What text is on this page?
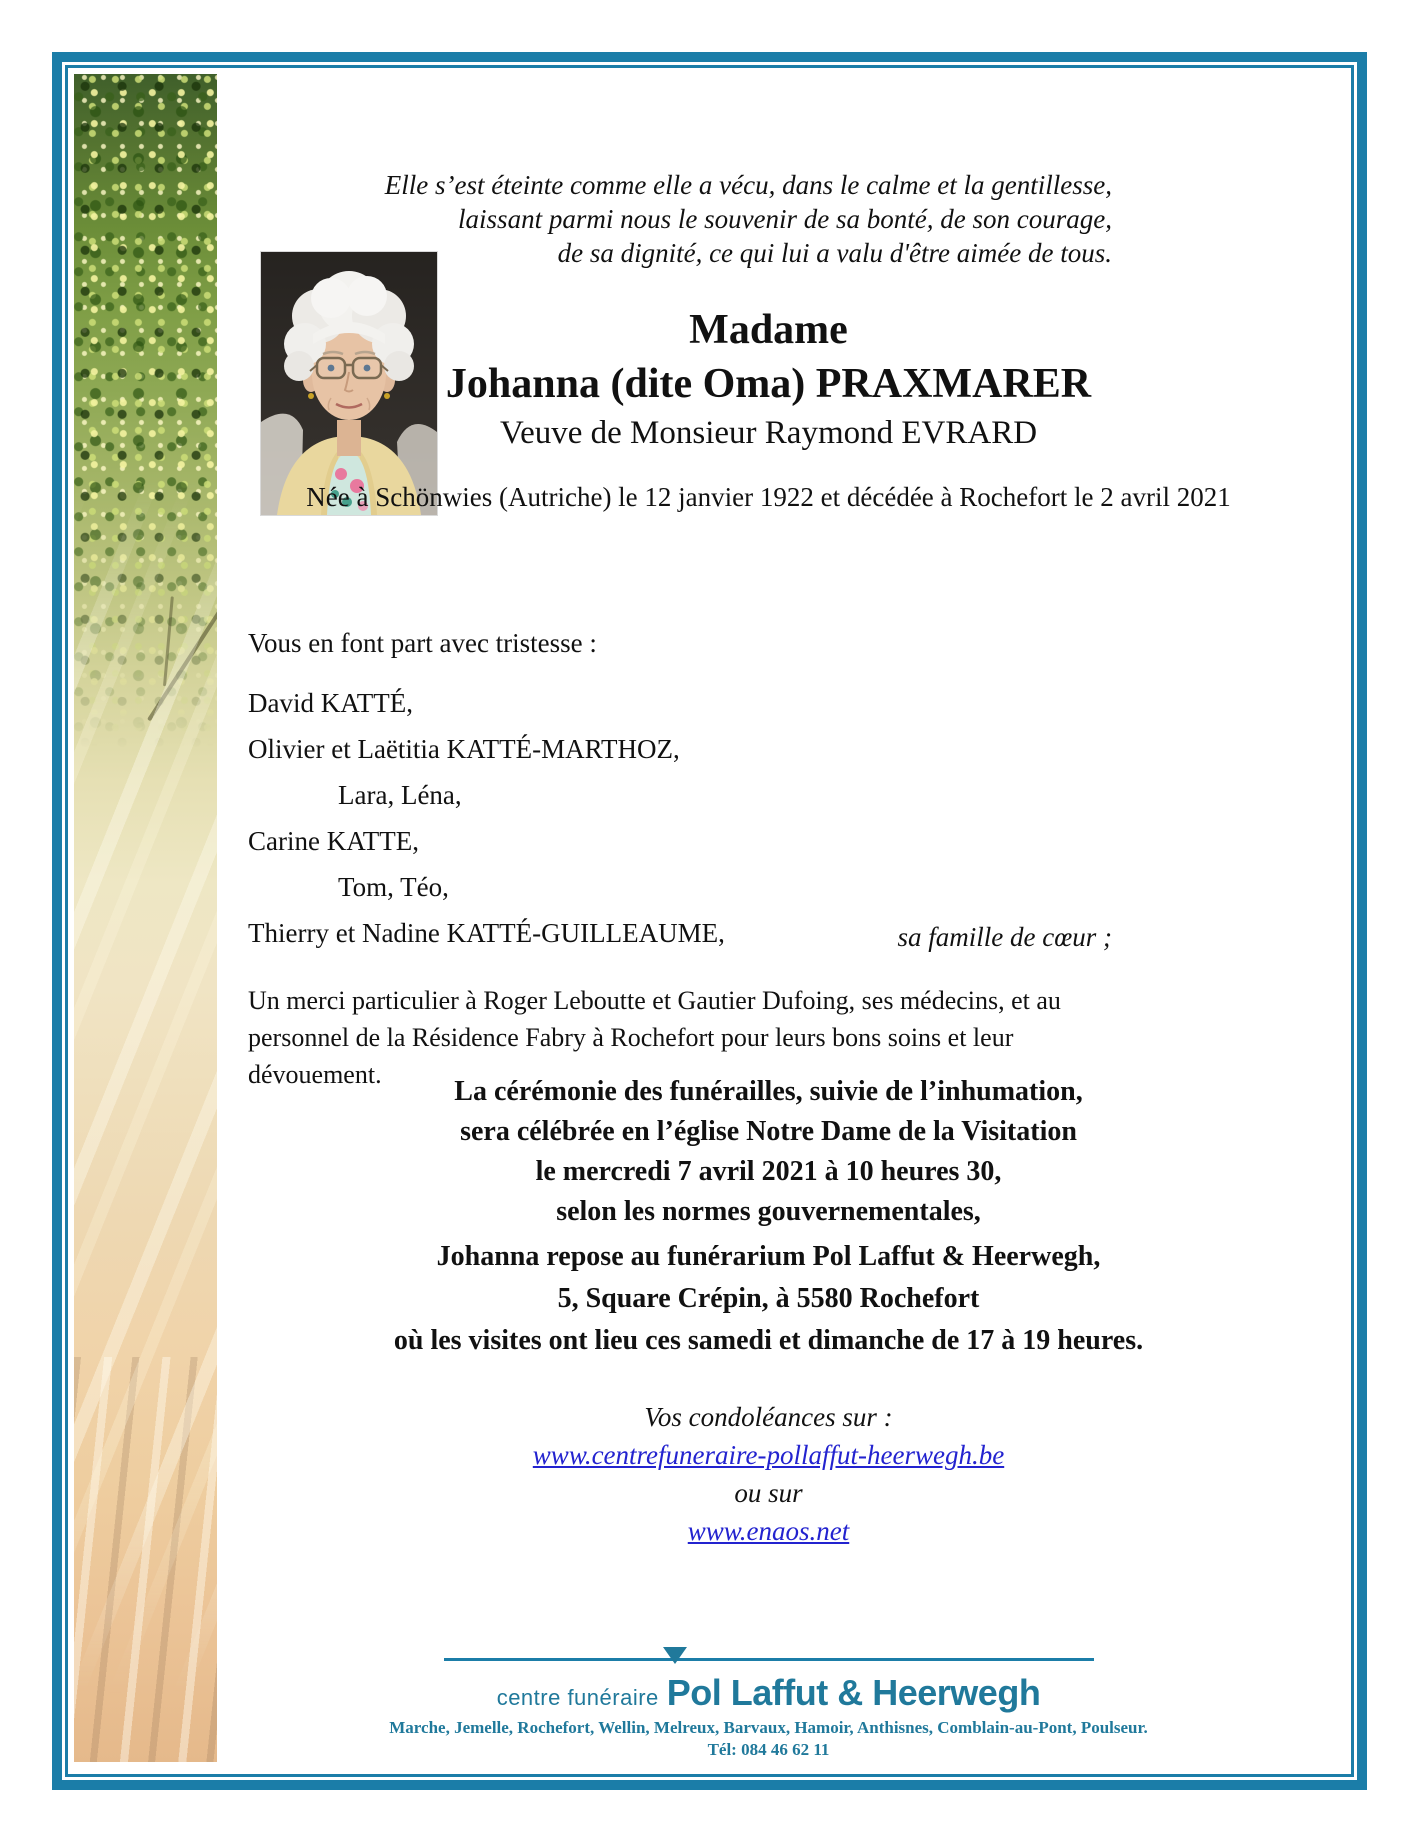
Elle s’est éteinte comme elle a vécu, dans le calme et la gentillesse,
laissant parmi nous le souvenir de sa bonté, de son courage,
de sa dignité, ce qui lui a valu d'être aimée de tous.
Madame
Johanna (dite Oma) PRAXMARER
Veuve de Monsieur Raymond EVRARD
Née à Schönwies (Autriche) le 12 janvier 1922 et décédée à Rochefort le 2 avril 2021
Vous en font part avec tristesse :
David KATTÉ,
Olivier et Laëtitia KATTÉ-MARTHOZ,
Lara, Léna,
Carine KATTE,
Tom, Téo,
Thierry et Nadine KATTÉ-GUILLEAUME,	sa famille de cœur ;
Un merci particulier à Roger Leboutte et Gautier Dufoing, ses médecins, et au personnel de la Résidence Fabry à Rochefort pour leurs bons soins et leur dévouement.
La cérémonie des funérailles, suivie de l’inhumation,
sera célébrée en l’église Notre Dame de la Visitation
le mercredi 7 avril 2021 à 10 heures 30,
selon les normes gouvernementales,
Johanna repose au funérarium Pol Laffut & Heerwegh,
5, Square Crépin, à 5580 Rochefort
où les visites ont lieu ces samedi et dimanche de 17 à 19 heures.
Vos condoléances sur :
www.centrefuneraire-pollaffut-heerwegh.be
ou sur
www.enaos.net
centre funéraire Pol Laffut & Heerwegh
Marche, Jemelle, Rochefort, Wellin, Melreux, Barvaux, Hamoir, Anthisnes, Comblain-au-Pont, Poulseur.
Tél: 084 46 62 11
